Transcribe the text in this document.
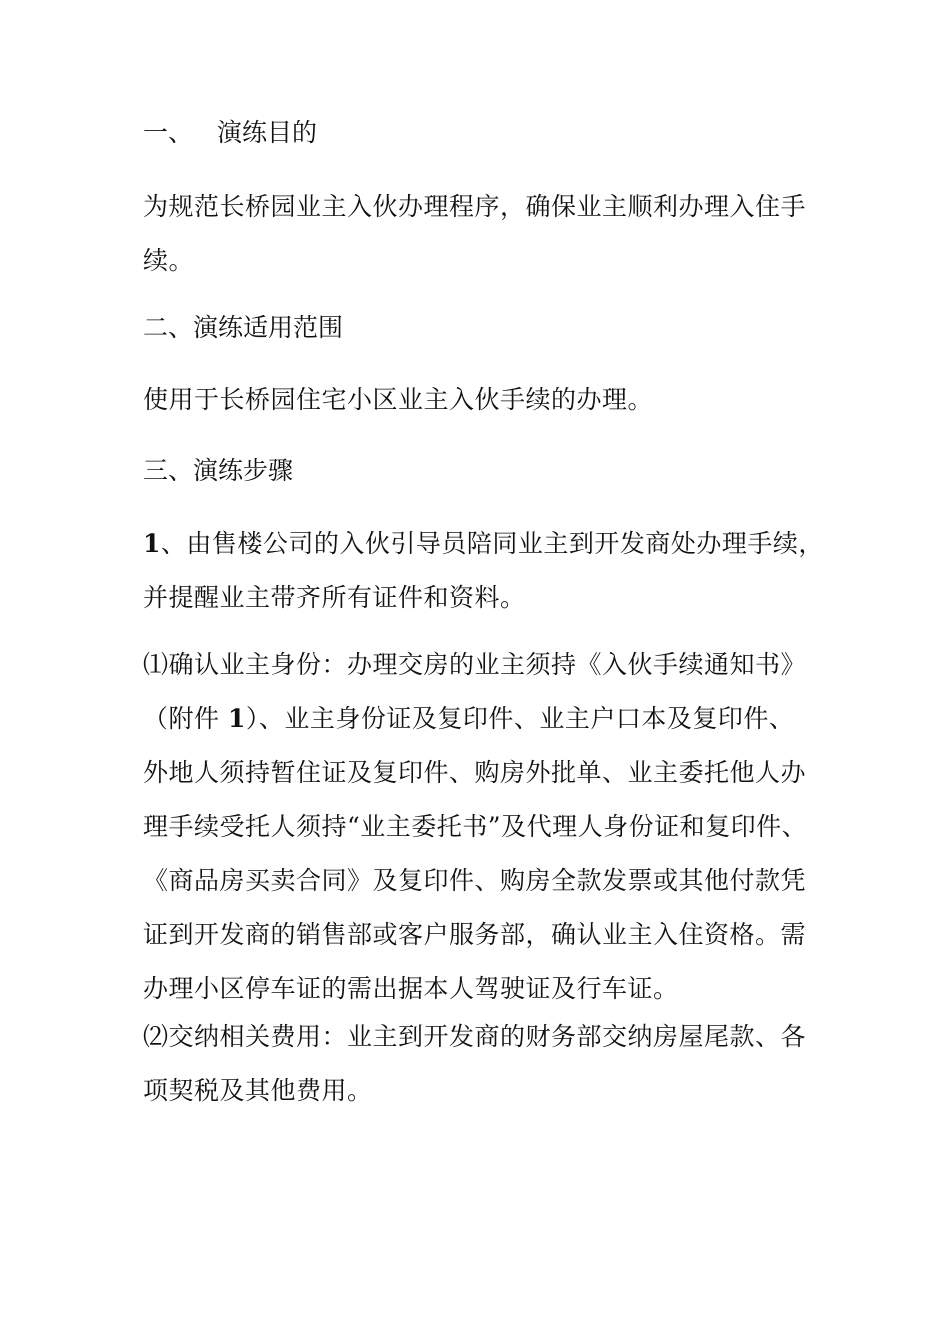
一、 演练目的
为规范长桥园业主入伙办理程序，确保业主顺利办理入住手
续。
二、演练适用范围
使用于长桥园住宅小区业主入伙手续的办理。
三、演练步骤
1、由售楼公司的入伙引导员陪同业主到开发商处办理手续，
并提醒业主带齐所有证件和资料。
⑴确认业主身份：办理交房的业主须持《入伙手续通知书》
（附件 1）、业主身份证及复印件、业主户口本及复印件、
外地人须持暂住证及复印件、购房外批单、业主委托他人办
理手续受托人须持“业主委托书”及代理人身份证和复印件、
《商品房买卖合同》及复印件、购房全款发票或其他付款凭
证到开发商的销售部或客户服务部，确认业主入住资格。需
办理小区停车证的需出据本人驾驶证及行车证。
⑵交纳相关费用：业主到开发商的财务部交纳房屋尾款、各
项契税及其他费用。
